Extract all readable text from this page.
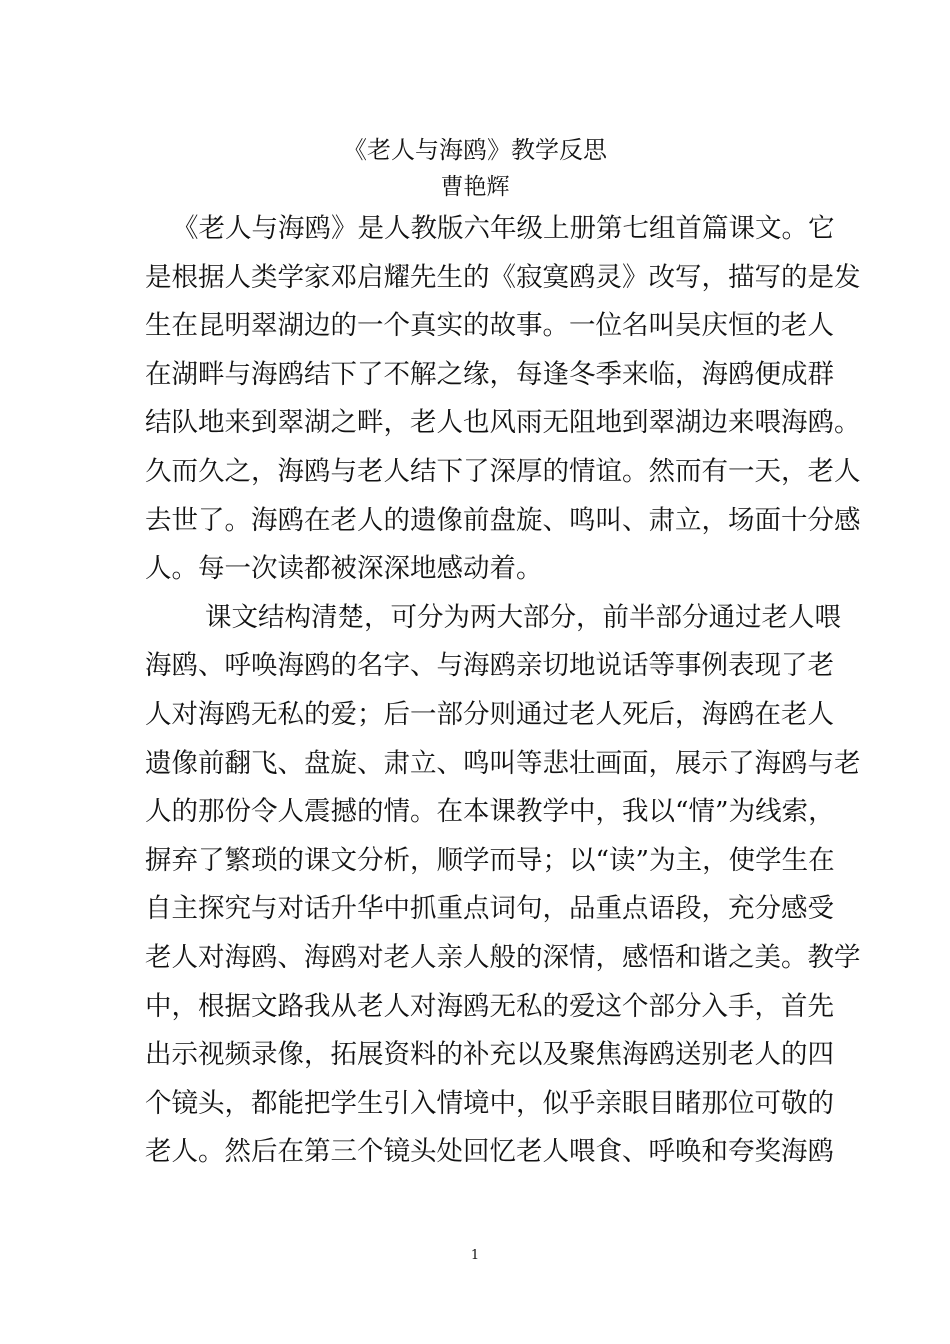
《老人与海鸥》教学反思

曹艳辉

《老人与海鸥》是人教版六年级上册第七组首篇课文。它

是根据人类学家邓启耀先生的《寂寞鸥灵》改写，描写的是发

生在昆明翠湖边的一个真实的故事。一位名叫吴庆恒的老人

在湖畔与海鸥结下了不解之缘，每逢冬季来临，海鸥便成群

结队地来到翠湖之畔，老人也风雨无阻地到翠湖边来喂海鸥。

久而久之，海鸥与老人结下了深厚的情谊。然而有一天，老人

去世了。海鸥在老人的遗像前盘旋、鸣叫、肃立，场面十分感

人。每一次读都被深深地感动着。

课文结构清楚，可分为两大部分，前半部分通过老人喂

海鸥、呼唤海鸥的名字、与海鸥亲切地说话等事例表现了老

人对海鸥无私的爱；后一部分则通过老人死后，海鸥在老人

遗像前翻飞、盘旋、肃立、鸣叫等悲壮画面，展示了海鸥与老

人的那份令人震撼的情。在本课教学中，我以“情”为线索，

摒弃了繁琐的课文分析，顺学而导；以“读”为主，使学生在

自主探究与对话升华中抓重点词句，品重点语段，充分感受

老人对海鸥、海鸥对老人亲人般的深情，感悟和谐之美。教学

中，根据文路我从老人对海鸥无私的爱这个部分入手，首先

出示视频录像，拓展资料的补充以及聚焦海鸥送别老人的四

个镜头，都能把学生引入情境中，似乎亲眼目睹那位可敬的

老人。然后在第三个镜头处回忆老人喂食、呼唤和夸奖海鸥

1
